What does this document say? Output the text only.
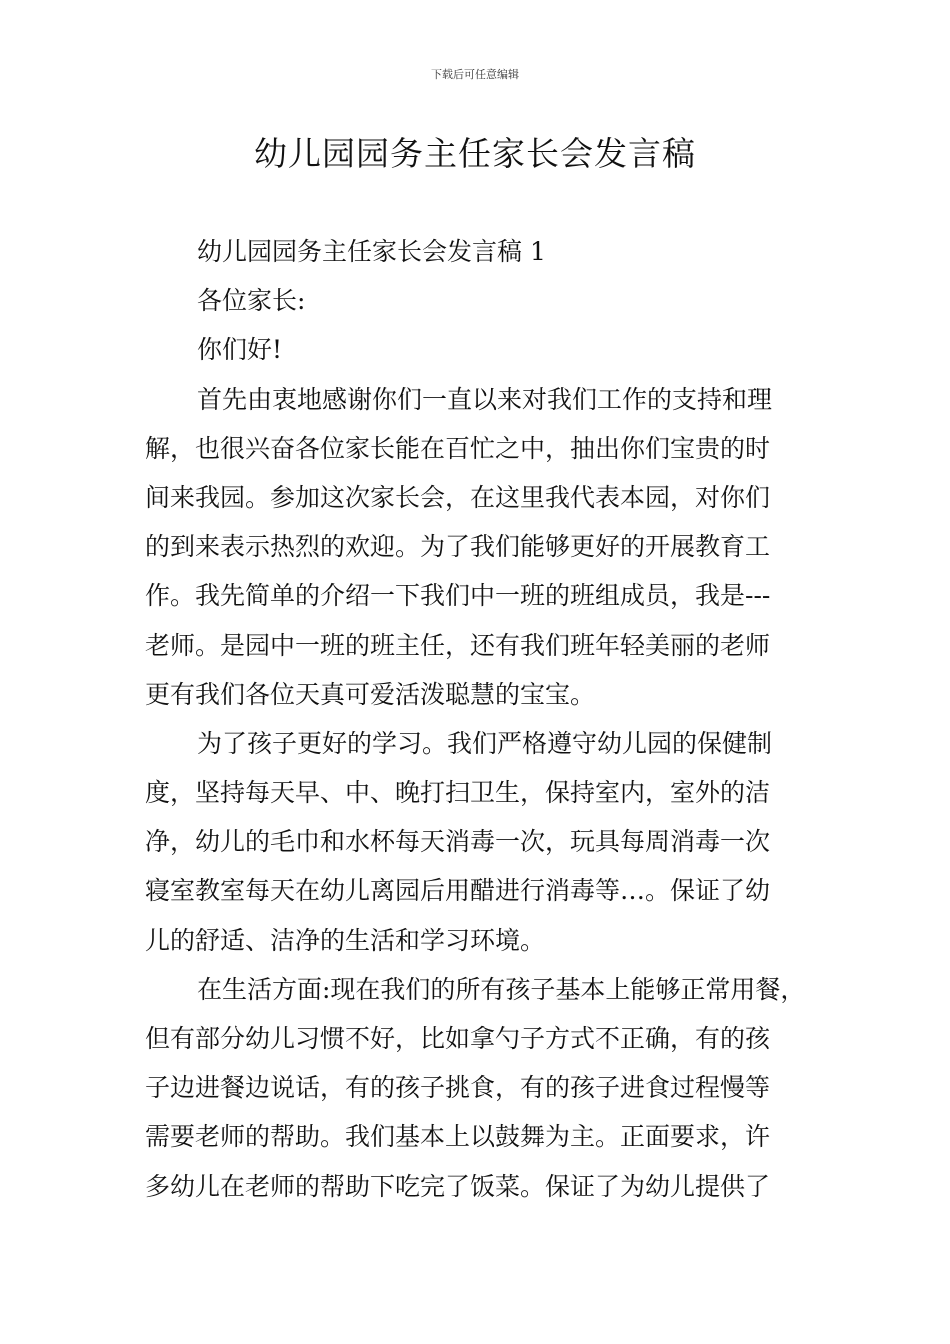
下载后可任意编辑
幼儿园园务主任家长会发言稿
幼儿园园务主任家长会发言稿 1
各位家长:
你们好!
首先由衷地感谢你们一直以来对我们工作的支持和理
解，也很兴奋各位家长能在百忙之中，抽出你们宝贵的时
间来我园。参加这次家长会，在这里我代表本园，对你们
的到来表示热烈的欢迎。为了我们能够更好的开展教育工
作。我先简单的介绍一下我们中一班的班组成员，我是---
老师。是园中一班的班主任，还有我们班年轻美丽的老师
更有我们各位天真可爱活泼聪慧的宝宝。
为了孩子更好的学习。我们严格遵守幼儿园的保健制
度，坚持每天早、中、晚打扫卫生，保持室内，室外的洁
净，幼儿的毛巾和水杯每天消毒一次，玩具每周消毒一次
寝室教室每天在幼儿离园后用醋进行消毒等…。保证了幼
儿的舒适、洁净的生活和学习环境。
在生活方面:现在我们的所有孩子基本上能够正常用餐，
但有部分幼儿习惯不好，比如拿勺子方式不正确，有的孩
子边进餐边说话，有的孩子挑食，有的孩子进食过程慢等
需要老师的帮助。我们基本上以鼓舞为主。正面要求，许
多幼儿在老师的帮助下吃完了饭菜。保证了为幼儿提供了
